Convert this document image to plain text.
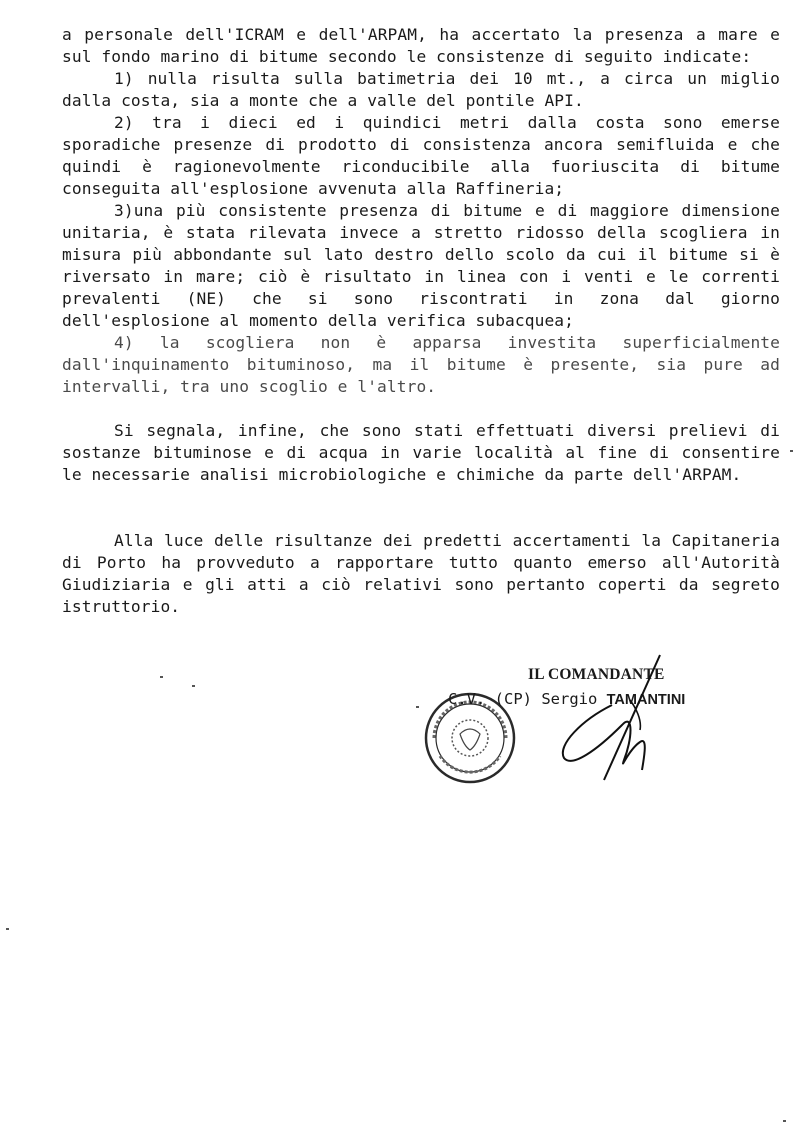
a personale dell'ICRAM e dell'ARPAM, ha accertato la presenza a mare e sul fondo marino di bitume secondo le consistenze di seguito indicate:

1) nulla risulta sulla batimetria dei 10 mt., a circa un miglio dalla costa, sia a monte che a valle del pontile API.

2) tra i dieci ed i quindici metri dalla costa sono emerse sporadiche presenze di prodotto di consistenza ancora semifluida e che quindi è ragionevolmente riconducibile alla fuoriuscita di bitume conseguita all'esplosione avvenuta alla Raffineria;

3)una più consistente presenza di bitume e di maggiore dimensione unitaria, è stata rilevata invece a stretto ridosso della scogliera in misura più abbondante sul lato destro dello scolo da cui il bitume si è riversato in mare; ciò è risultato in linea con i venti e le correnti prevalenti (NE) che si sono riscontrati in zona dal giorno dell'esplosione al momento della verifica subacquea;

4) la scogliera non è apparsa investita superficialmente dall'inquinamento bituminoso, ma il bitume è presente, sia pure ad intervalli, tra uno scoglio e l'altro.

Si segnala, infine, che sono stati effettuati diversi prelievi di sostanze bituminose e di acqua in varie località al fine di consentire le necessarie analisi microbiologiche e chimiche da parte dell'ARPAM.

Alla luce delle risultanze dei predetti accertamenti la Capitaneria di Porto ha provveduto a rapportare tutto quanto emerso all'Autorità Giudiziaria e gli atti a ciò relativi sono pertanto coperti da segreto istruttorio.

IL COMANDANTE
C.V. (CP) Sergio TAMANTINI
